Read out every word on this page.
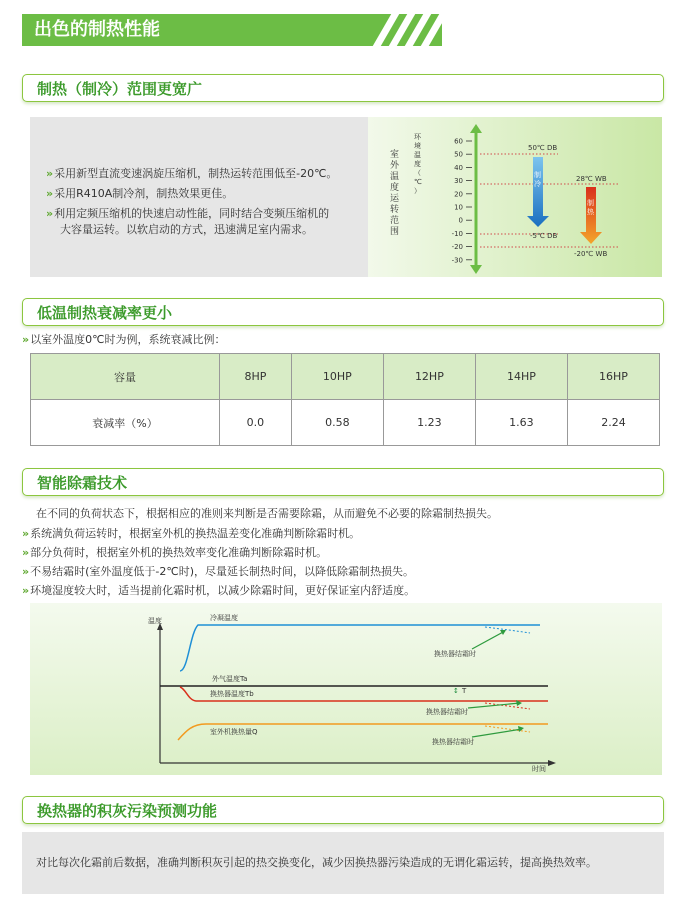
出色的制热性能
制热（制冷）范围更宽广
» 采用新型直流变速涡旋压缩机，制热运转范围低至-20℃。
» 采用R410A制冷剂，制热效果更佳。
» 利用定频压缩机的快速启动性能，同时结合变频压缩机的
大容量运转。以软启动的方式，迅速满足室内需求。
室外温度运转范围
环境温度（℃）
60
50
40
30
20
10
0
-10
-20
-30
制冷
制热
50℃ DB
-5℃ DB
28℃ WB
-20℃ WB
低温制热衰减率更小
» 以室外温度0℃时为例，系统衰减比例：
容量	8HP	10HP	12HP	14HP	16HP
衰减率（%）	0.0	0.58	1.23	1.63	2.24
智能除霜技术
在不同的负荷状态下，根据相应的准则来判断是否需要除霜，从而避免不必要的除霜制热损失。
» 系统满负荷运转时，根据室外机的换热温差变化准确判断除霜时机。
» 部分负荷时，根据室外机的换热效率变化准确判断除霜时机。
» 不易结霜时(室外温度低于-2℃时)，尽量延长制热时间，以降低除霜制热损失。
» 环境湿度较大时，适当提前化霜时机，以减少除霜时间，更好保证室内舒适度。
温度
时间
冷凝温度
外气温度Ta
换热器温度Tb	↕ T
室外机换热量Q
换热器结霜时
换热器结霜时
换热器结霜时
换热器的积灰污染预测功能
对比每次化霜前后数据，准确判断积灰引起的热交换变化，减少因换热器污染造成的无谓化霜运转，提高换热效率。
